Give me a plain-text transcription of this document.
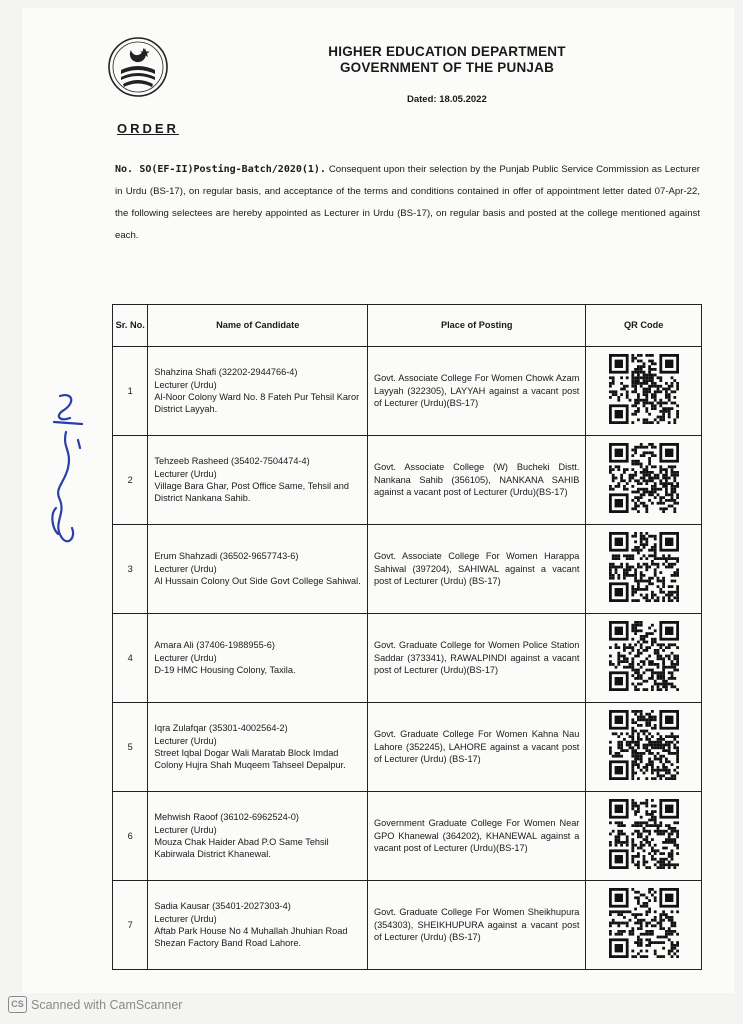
HIGHER EDUCATION DEPARTMENT
GOVERNMENT OF THE PUNJAB
Dated: 18.05.2022
ORDER
No. SO(EF-II)Posting-Batch/2020(1). Consequent upon their selection by the Punjab Public Service Commission as Lecturer in Urdu (BS-17), on regular basis, and acceptance of the terms and conditions contained in offer of appointment letter dated 07-Apr-22, the following selectees are hereby appointed as Lecturer in Urdu (BS-17), on regular basis and posted at the college mentioned against each.
Sr. No.	Name of Candidate	Place of Posting	QR Code
1	Shahzina Shafi (32202-2944766-4)
Lecturer (Urdu)
Al-Noor Colony Ward No. 8 Fateh Pur Tehsil Karor District Layyah.	Govt. Associate College For Women Chowk Azam Layyah (322305), LAYYAH against a vacant post of Lecturer (Urdu)(BS-17)	
2	Tehzeeb Rasheed (35402-7504474-4)
Lecturer (Urdu)
Village Bara Ghar, Post Office Same, Tehsil and District Nankana Sahib.	Govt. Associate College (W) Bucheki Distt. Nankana Sahib (356105), NANKANA SAHIB against a vacant post of Lecturer (Urdu)(BS-17)	
3	Erum Shahzadi (36502-9657743-6)
Lecturer (Urdu)
Al Hussain Colony Out Side Govt College Sahiwal.	Govt. Associate College For Women Harappa Sahiwal (397204), SAHIWAL against a vacant post of Lecturer (Urdu) (BS-17)	
4	Amara Ali (37406-1988955-6)
Lecturer (Urdu)
D-19 HMC Housing Colony, Taxila.	Govt. Graduate College for Women Police Station Saddar (373341), RAWALPINDI against a vacant post of Lecturer (Urdu)(BS-17)	
5	Iqra Zulafqar (35301-4002564-2)
Lecturer (Urdu)
Street Iqbal Dogar Wali Maratab Block Imdad Colony Hujra Shah Muqeem Tahseel Depalpur.	Govt. Graduate College For Women Kahna Nau Lahore (352245), LAHORE against a vacant post of Lecturer (Urdu) (BS-17)	
6	Mehwish Raoof (36102-6962524-0)
Lecturer (Urdu)
Mouza Chak Haider Abad P.O Same Tehsil Kabirwala District Khanewal.	Government Graduate College For Women Near GPO Khanewal (364202), KHANEWAL against a vacant post of Lecturer (Urdu)(BS-17)	
7	Sadia Kausar (35401-2027303-4)
Lecturer (Urdu)
Aftab Park House No 4 Muhallah Jhuhian Road Shezan Factory Band Road Lahore.	Govt. Graduate College For Women Sheikhupura (354303), SHEIKHUPURA against a vacant post of Lecturer (Urdu) (BS-17)	
CS Scanned with CamScanner
